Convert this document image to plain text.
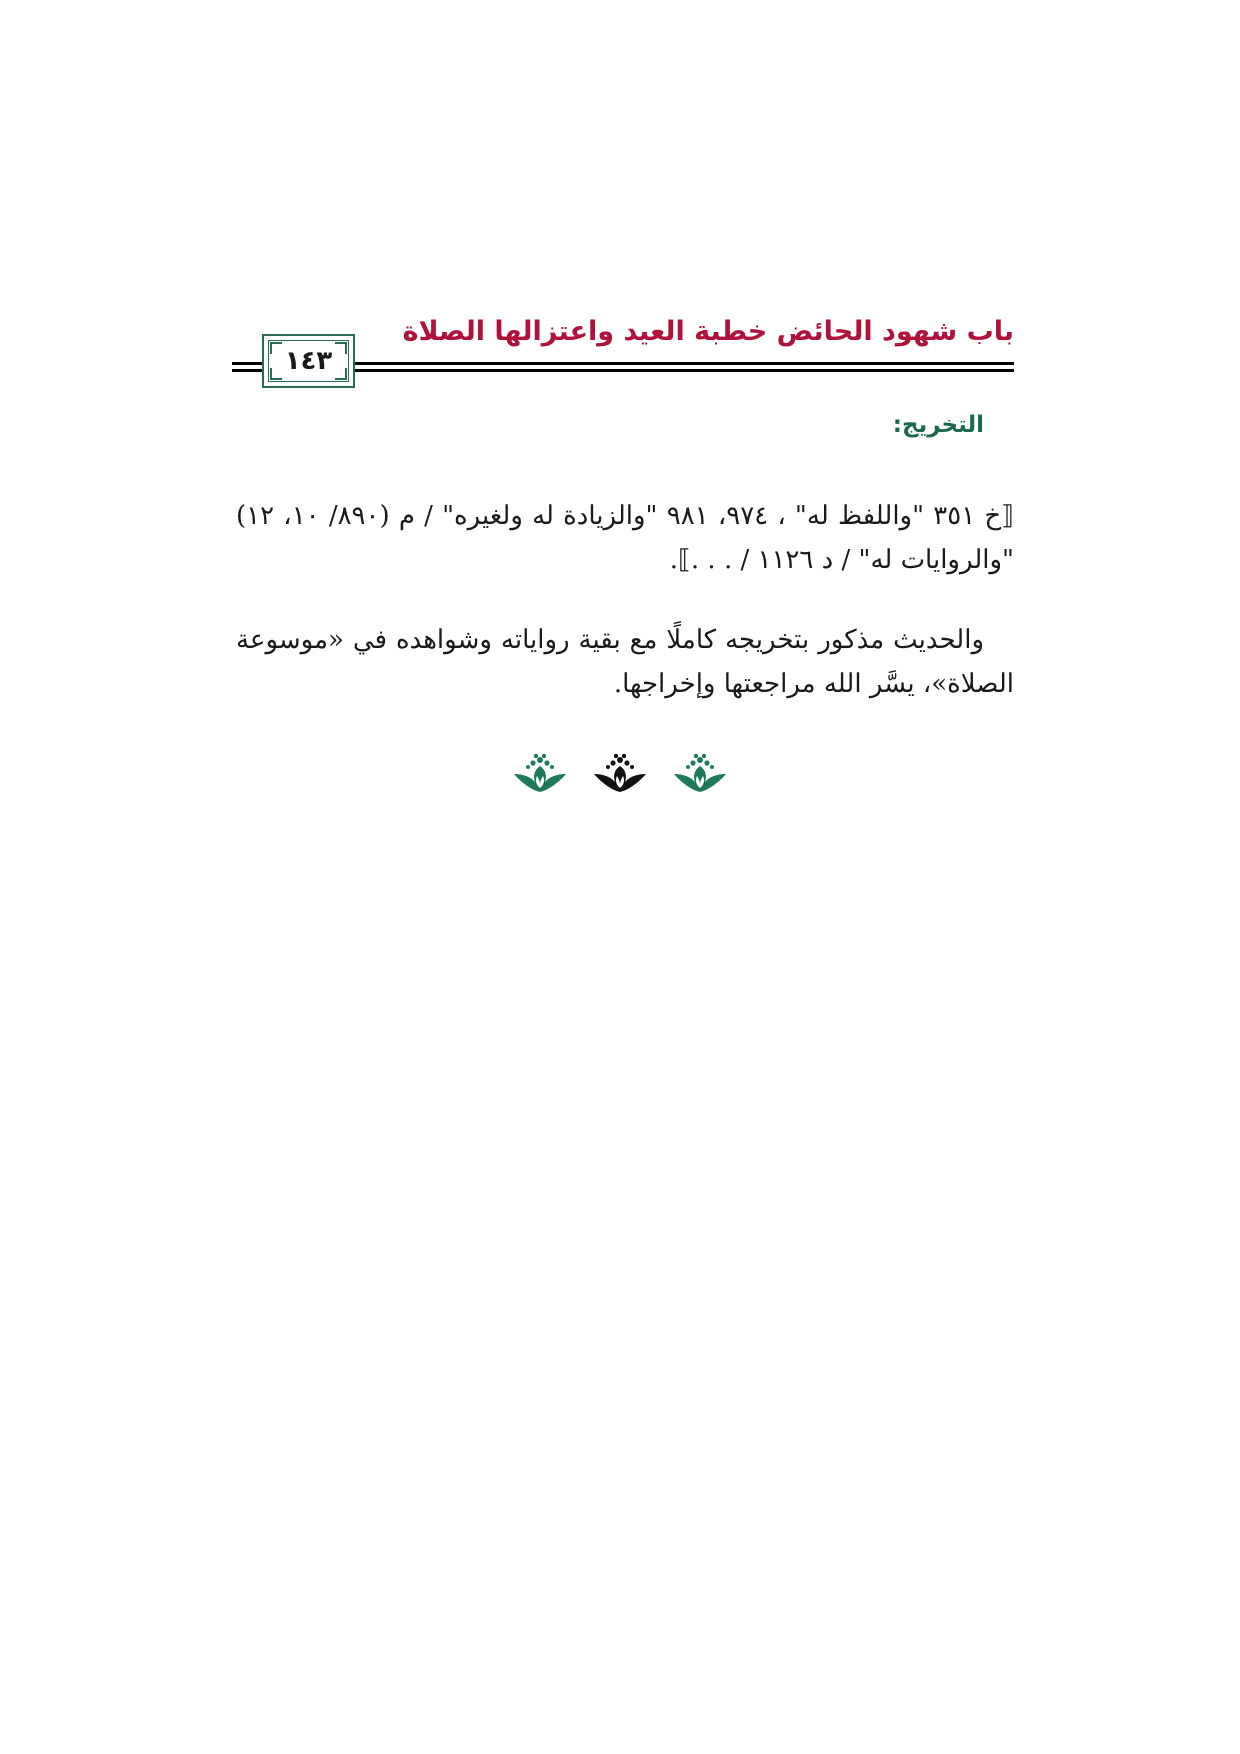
باب شهود الحائض خطبة العيد واعتزالها الصلاة
١٤٣
التخريج:

⟦خ ٣٥١ "واللفظ له" ، ٩٧٤، ٩٨١ "والزيادة له ولغيره" / م (٨٩٠/ ١٠، ١٢) "والروايات له" / د ١١٢٦ / . . .⟧.

والحديث مذكور بتخريجه كاملًا مع بقية رواياته وشواهده في «موسوعة الصلاة»، يسَّر الله مراجعتها وإخراجها.
